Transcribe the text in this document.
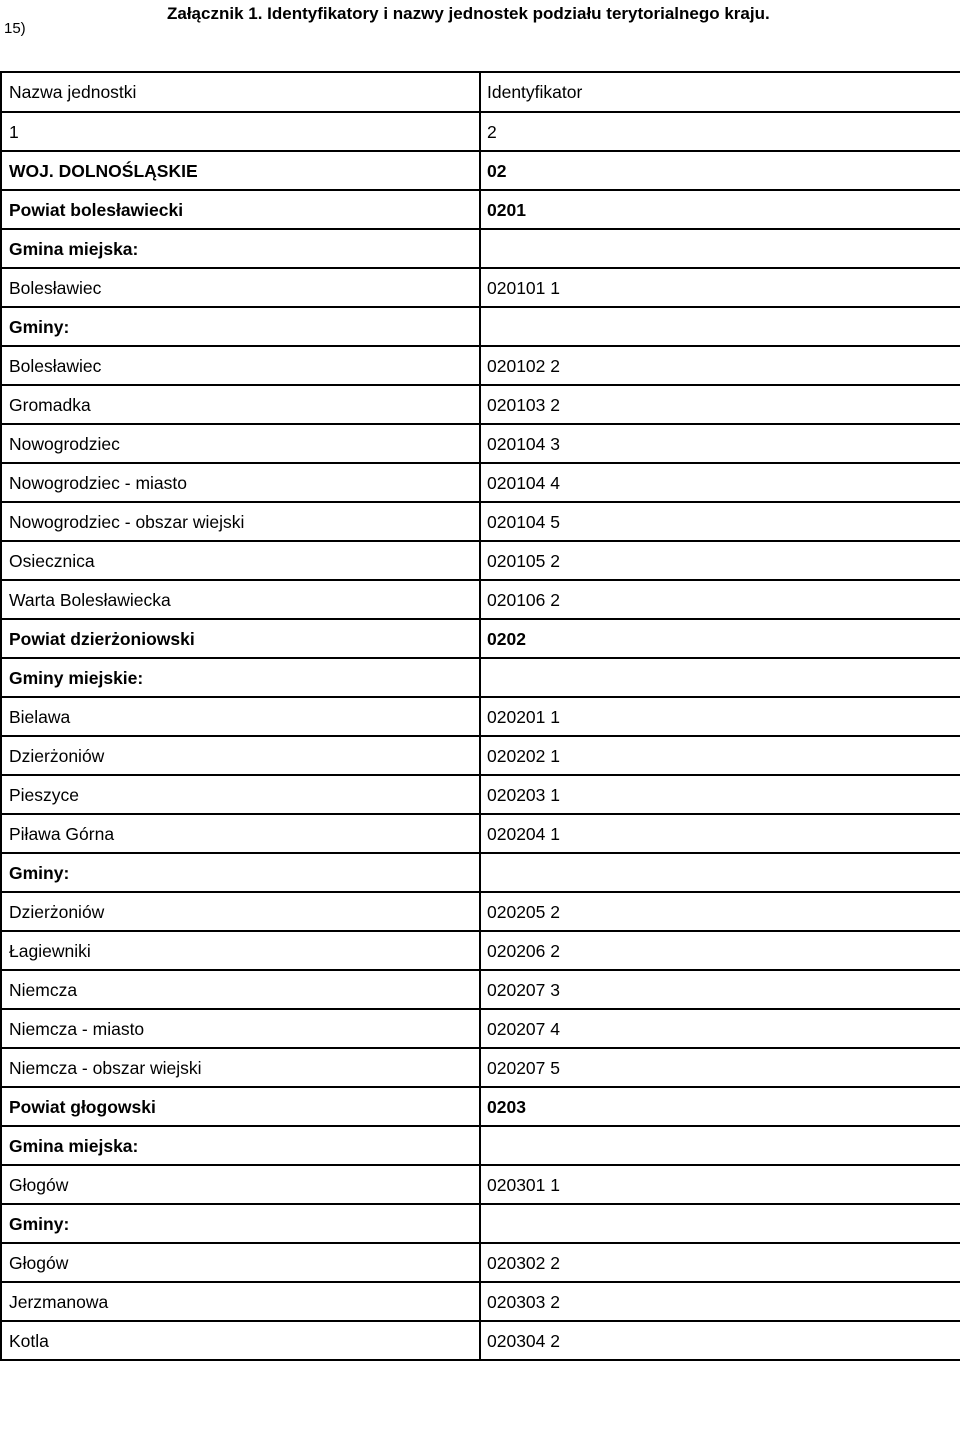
15)
Załącznik 1. Identyfikatory i nazwy jednostek podziału terytorialnego kraju.
Nazwa jednostki	Identyfikator
1	2
WOJ. DOLNOŚLĄSKIE	02
Powiat bolesławiecki	0201
Gmina miejska:	
Bolesławiec	020101 1
Gminy:	
Bolesławiec	020102 2
Gromadka	020103 2
Nowogrodziec	020104 3
Nowogrodziec - miasto	020104 4
Nowogrodziec - obszar wiejski	020104 5
Osiecznica	020105 2
Warta Bolesławiecka	020106 2
Powiat dzierżoniowski	0202
Gminy miejskie:	
Bielawa	020201 1
Dzierżoniów	020202 1
Pieszyce	020203 1
Piława Górna	020204 1
Gminy:	
Dzierżoniów	020205 2
Łagiewniki	020206 2
Niemcza	020207 3
Niemcza - miasto	020207 4
Niemcza - obszar wiejski	020207 5
Powiat głogowski	0203
Gmina miejska:	
Głogów	020301 1
Gminy:	
Głogów	020302 2
Jerzmanowa	020303 2
Kotla	020304 2
